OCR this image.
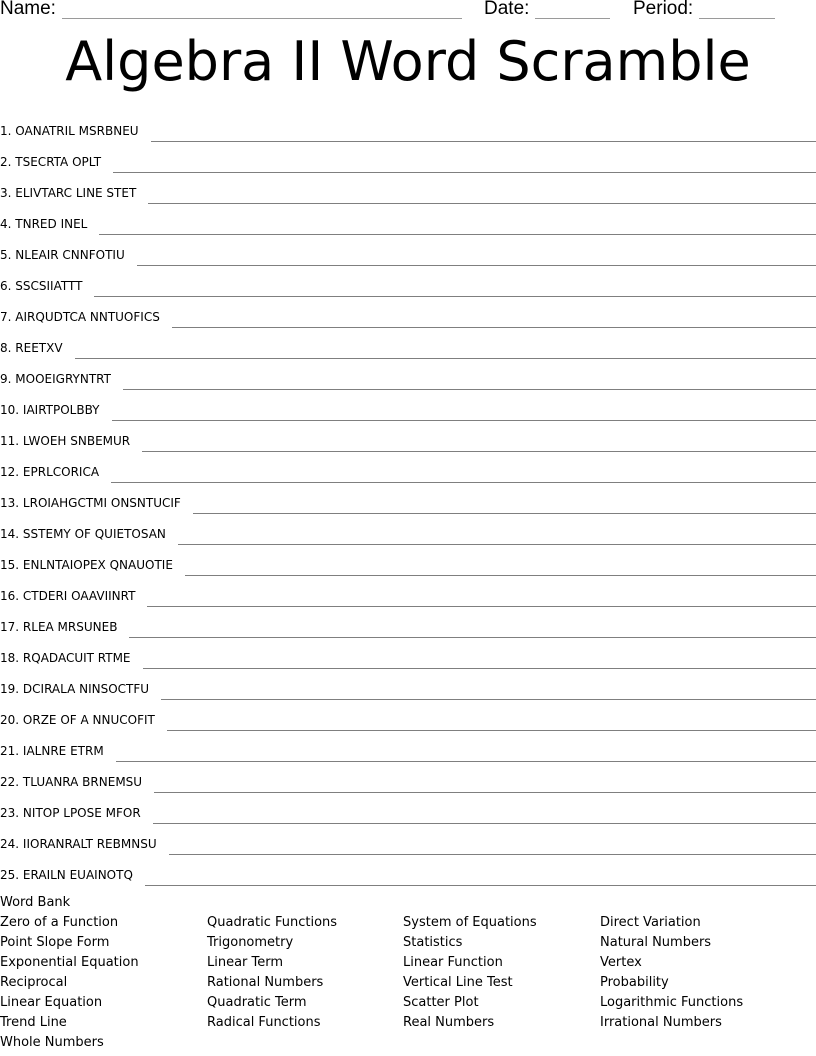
Name:	Date:	Period:
Algebra II Word Scramble
1.
OANATRIL MSRBNEU
2.
TSECRTA OPLT
3.
ELIVTARC LINE STET
4.
TNRED INEL
5.
NLEAIR CNNFOTIU
6.
SSCSIIATTT
7.
AIRQUDTCA NNTUOFICS
8.
REETXV
9.
MOOEIGRYNTRT
10.
IAIRTPOLBBY
11.
LWOEH SNBEMUR
12.
EPRLCORICA
13.
LROIAHGCTMI ONSNTUCIF
14.
SSTEMY OF QUIETOSAN
15.
ENLNTAIOPEX QNAUOTIE
16.
CTDERI OAAVIINRT
17.
RLEA MRSUNEB
18.
RQADACUIT RTME
19.
DCIRALA NINSOCTFU
20.
ORZE OF A NNUCOFIT
21.
IALNRE ETRM
22.
TLUANRA BRNEMSU
23.
NITOP LPOSE MFOR
24.
IIORANRALT REBMNSU
25.
ERAILN EUAINOTQ
Word Bank
Zero of a Function	Quadratic Functions	System of Equations	Direct Variation
Point Slope Form	Trigonometry	Statistics	Natural Numbers
Exponential Equation	Linear Term	Linear Function	Vertex
Reciprocal	Rational Numbers	Vertical Line Test	Probability
Linear Equation	Quadratic Term	Scatter Plot	Logarithmic Functions
Trend Line	Radical Functions	Real Numbers	Irrational Numbers
Whole Numbers
